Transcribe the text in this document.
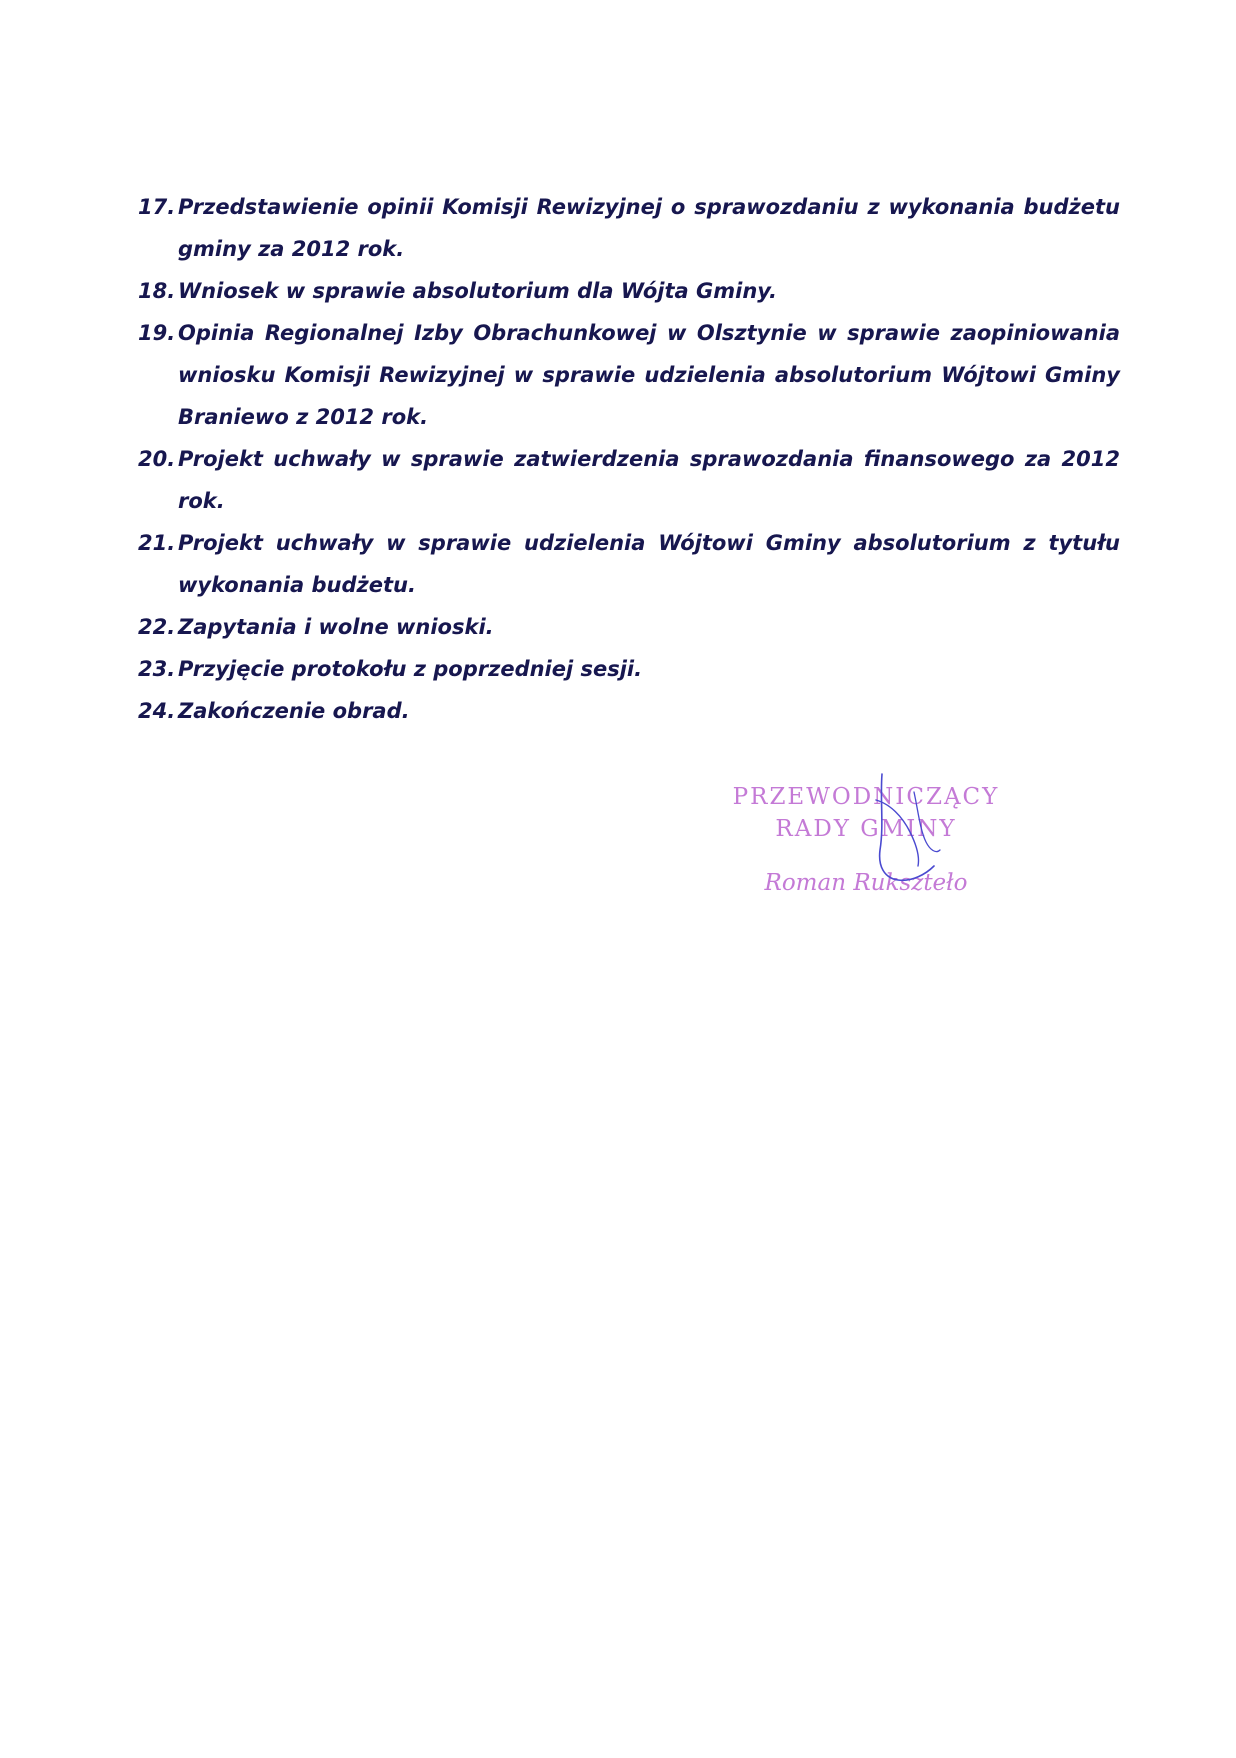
17. Przedstawienie opinii Komisji Rewizyjnej o sprawozdaniu z wykonania budżetu gminy za 2012 rok.
18. Wniosek w sprawie absolutorium dla Wójta Gminy.
19. Opinia Regionalnej Izby Obrachunkowej w Olsztynie w sprawie zaopiniowania wniosku Komisji Rewizyjnej w sprawie udzielenia absolutorium Wójtowi Gminy Braniewo z 2012 rok.
20. Projekt uchwały w sprawie zatwierdzenia sprawozdania finansowego za 2012 rok.
21. Projekt uchwały w sprawie udzielenia Wójtowi Gminy absolutorium z tytułu wykonania budżetu.
22. Zapytania i wolne wnioski.
23. Przyjęcie protokołu z poprzedniej sesji.
24. Zakończenie obrad.
PRZEWODNICZĄCY
RADY GMINY
Roman Rukszteło
